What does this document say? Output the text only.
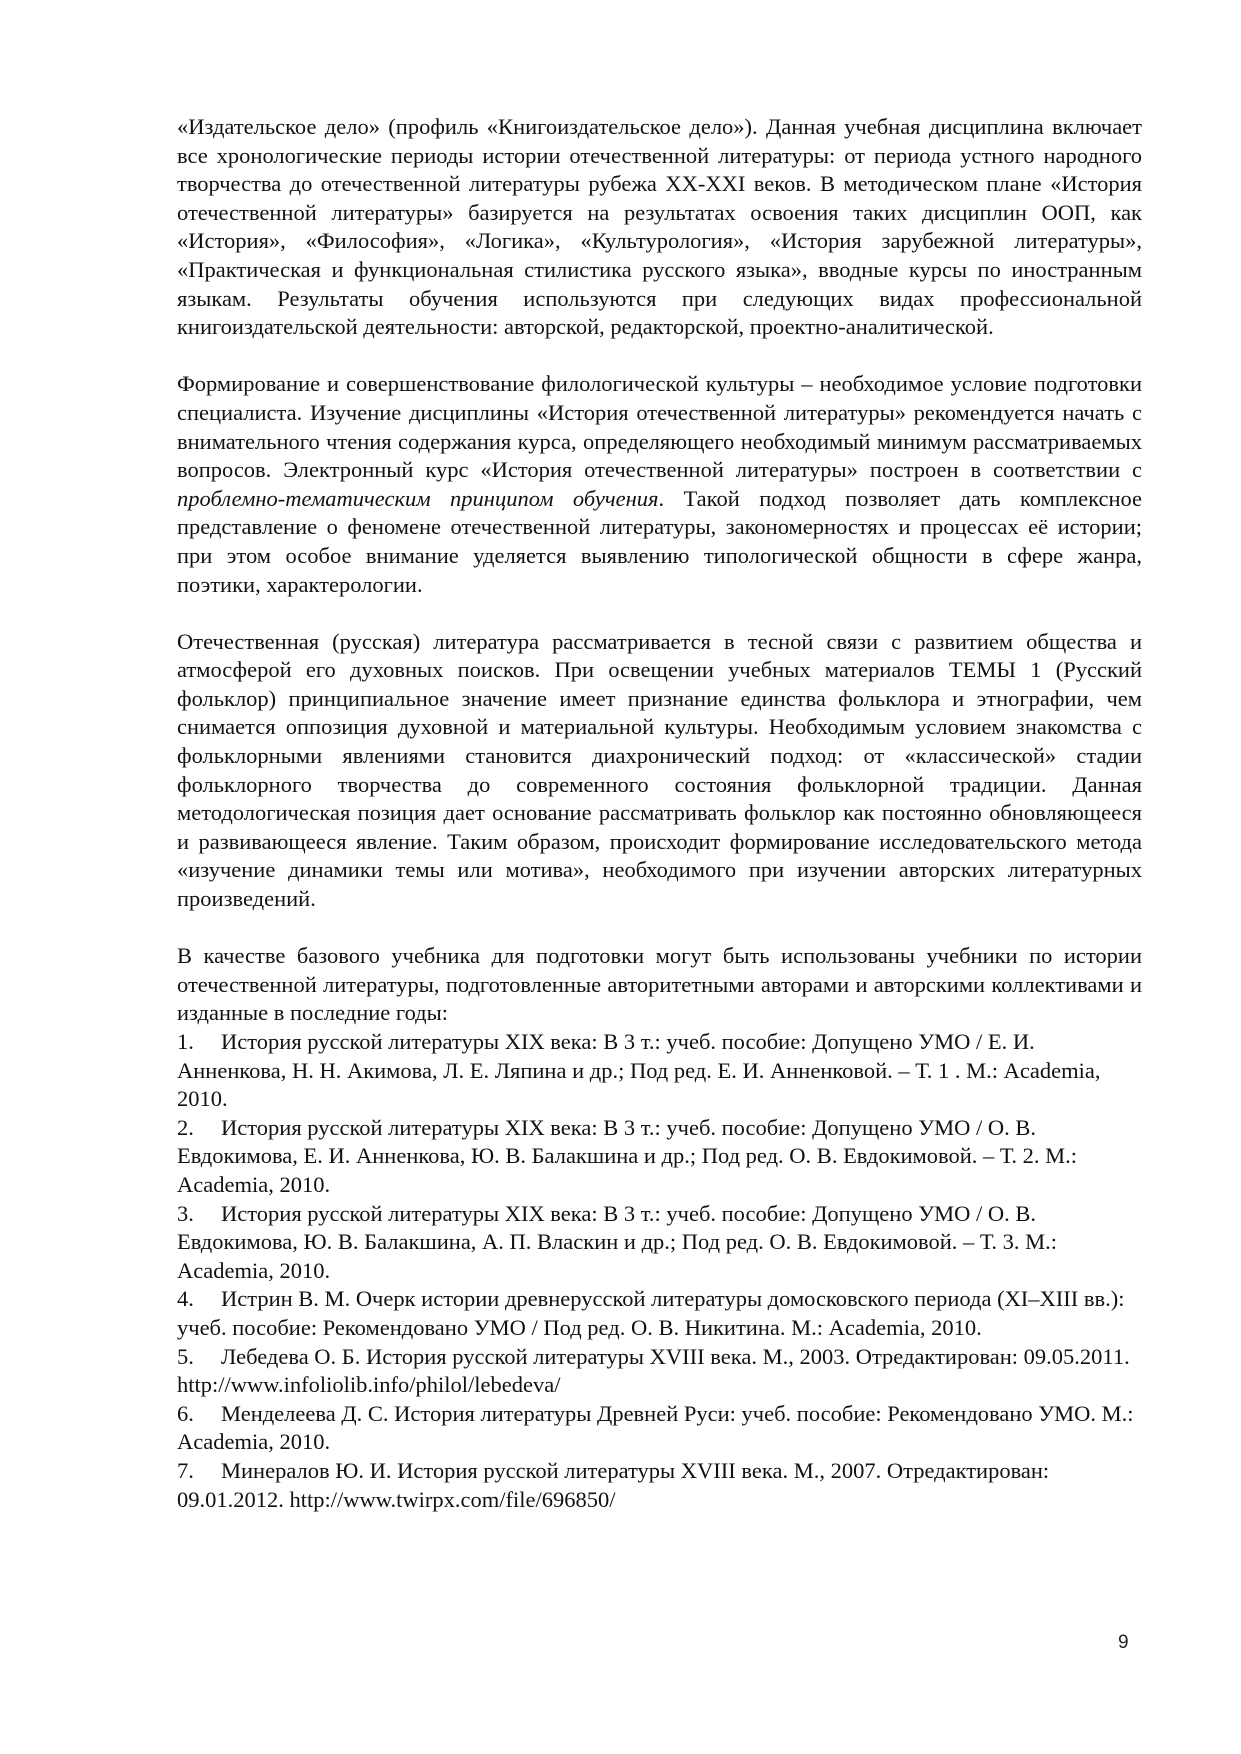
«Издательское дело» (профиль «Книгоиздательское дело»). Данная учебная дисциплина включает все хронологические периоды истории отечественной литературы: от периода устного народного творчества до отечественной литературы рубежа XX-XXI веков. В методическом плане «История отечественной литературы» базируется на результатах освоения таких дисциплин ООП, как «История», «Философия», «Логика», «Культурология», «История зарубежной литературы», «Практическая и функциональная стилистика русского языка», вводные курсы по иностранным языкам. Результаты обучения используются при следующих видах профессиональной книгоиздательской деятельности: авторской, редакторской, проектно-аналитической.

Формирование и совершенствование филологической культуры – необходимое условие подготовки специалиста. Изучение дисциплины «История отечественной литературы» рекомендуется начать с внимательного чтения содержания курса, определяющего необходимый минимум рассматриваемых вопросов. Электронный курс «История отечественной литературы» построен в соответствии с проблемно-тематическим принципом обучения. Такой подход позволяет дать комплексное представление о феномене отечественной литературы, закономерностях и процессах её истории; при этом особое внимание уделяется выявлению типологической общности в сфере жанра, поэтики, характерологии.

Отечественная (русская) литература рассматривается в тесной связи с развитием общества и атмосферой его духовных поисков. При освещении учебных материалов ТЕМЫ 1 (Русский фольклор) принципиальное значение имеет признание единства фольклора и этнографии, чем снимается оппозиция духовной и материальной культуры. Необходимым условием знакомства с фольклорными явлениями становится диахронический подход: от «классической» стадии фольклорного творчества до современного состояния фольклорной традиции. Данная методологическая позиция дает основание рассматривать фольклор как постоянно обновляющееся и развивающееся явление. Таким образом, происходит формирование исследовательского метода «изучение динамики темы или мотива», необходимого при изучении авторских литературных произведений.

В качестве базового учебника для подготовки могут быть использованы учебники по истории отечественной литературы, подготовленные авторитетными авторами и авторскими коллективами и изданные в последние годы:

1. История русской литературы XIX века: В 3 т.: учеб. пособие: Допущено УМО / Е. И. Анненкова, Н. Н. Акимова, Л. Е. Ляпина и др.; Под ред. Е. И. Анненковой. – Т. 1 . М.: Academia, 2010.
2. История русской литературы XIX века: В 3 т.: учеб. пособие: Допущено УМО / О. В. Евдокимова, Е. И. Анненкова, Ю. В. Балакшина и др.; Под ред. О. В. Евдокимовой. – Т. 2. М.: Academia, 2010.
3. История русской литературы XIX века: В 3 т.: учеб. пособие: Допущено УМО / О. В. Евдокимова, Ю. В. Балакшина, А. П. Власкин и др.; Под ред. О. В. Евдокимовой. – Т. 3. М.: Academia, 2010.
4. Истрин В. М. Очерк истории древнерусской литературы домосковского периода (XI–XIII вв.): учеб. пособие: Рекомендовано УМО / Под ред. О. В. Никитина. М.: Academia, 2010.
5. Лебедева О. Б. История русской литературы XVIII века. М., 2003. Отредактирован: 09.05.2011. http://www.infoliolib.info/philol/lebedeva/
6. Менделеева Д. С. История литературы Древней Руси: учеб. пособие: Рекомендовано УМО. М.: Academia, 2010.
7. Минералов Ю. И. История русской литературы XVIII века. М., 2007. Отредактирован: 09.01.2012. http://www.twirpx.com/file/696850/
9
